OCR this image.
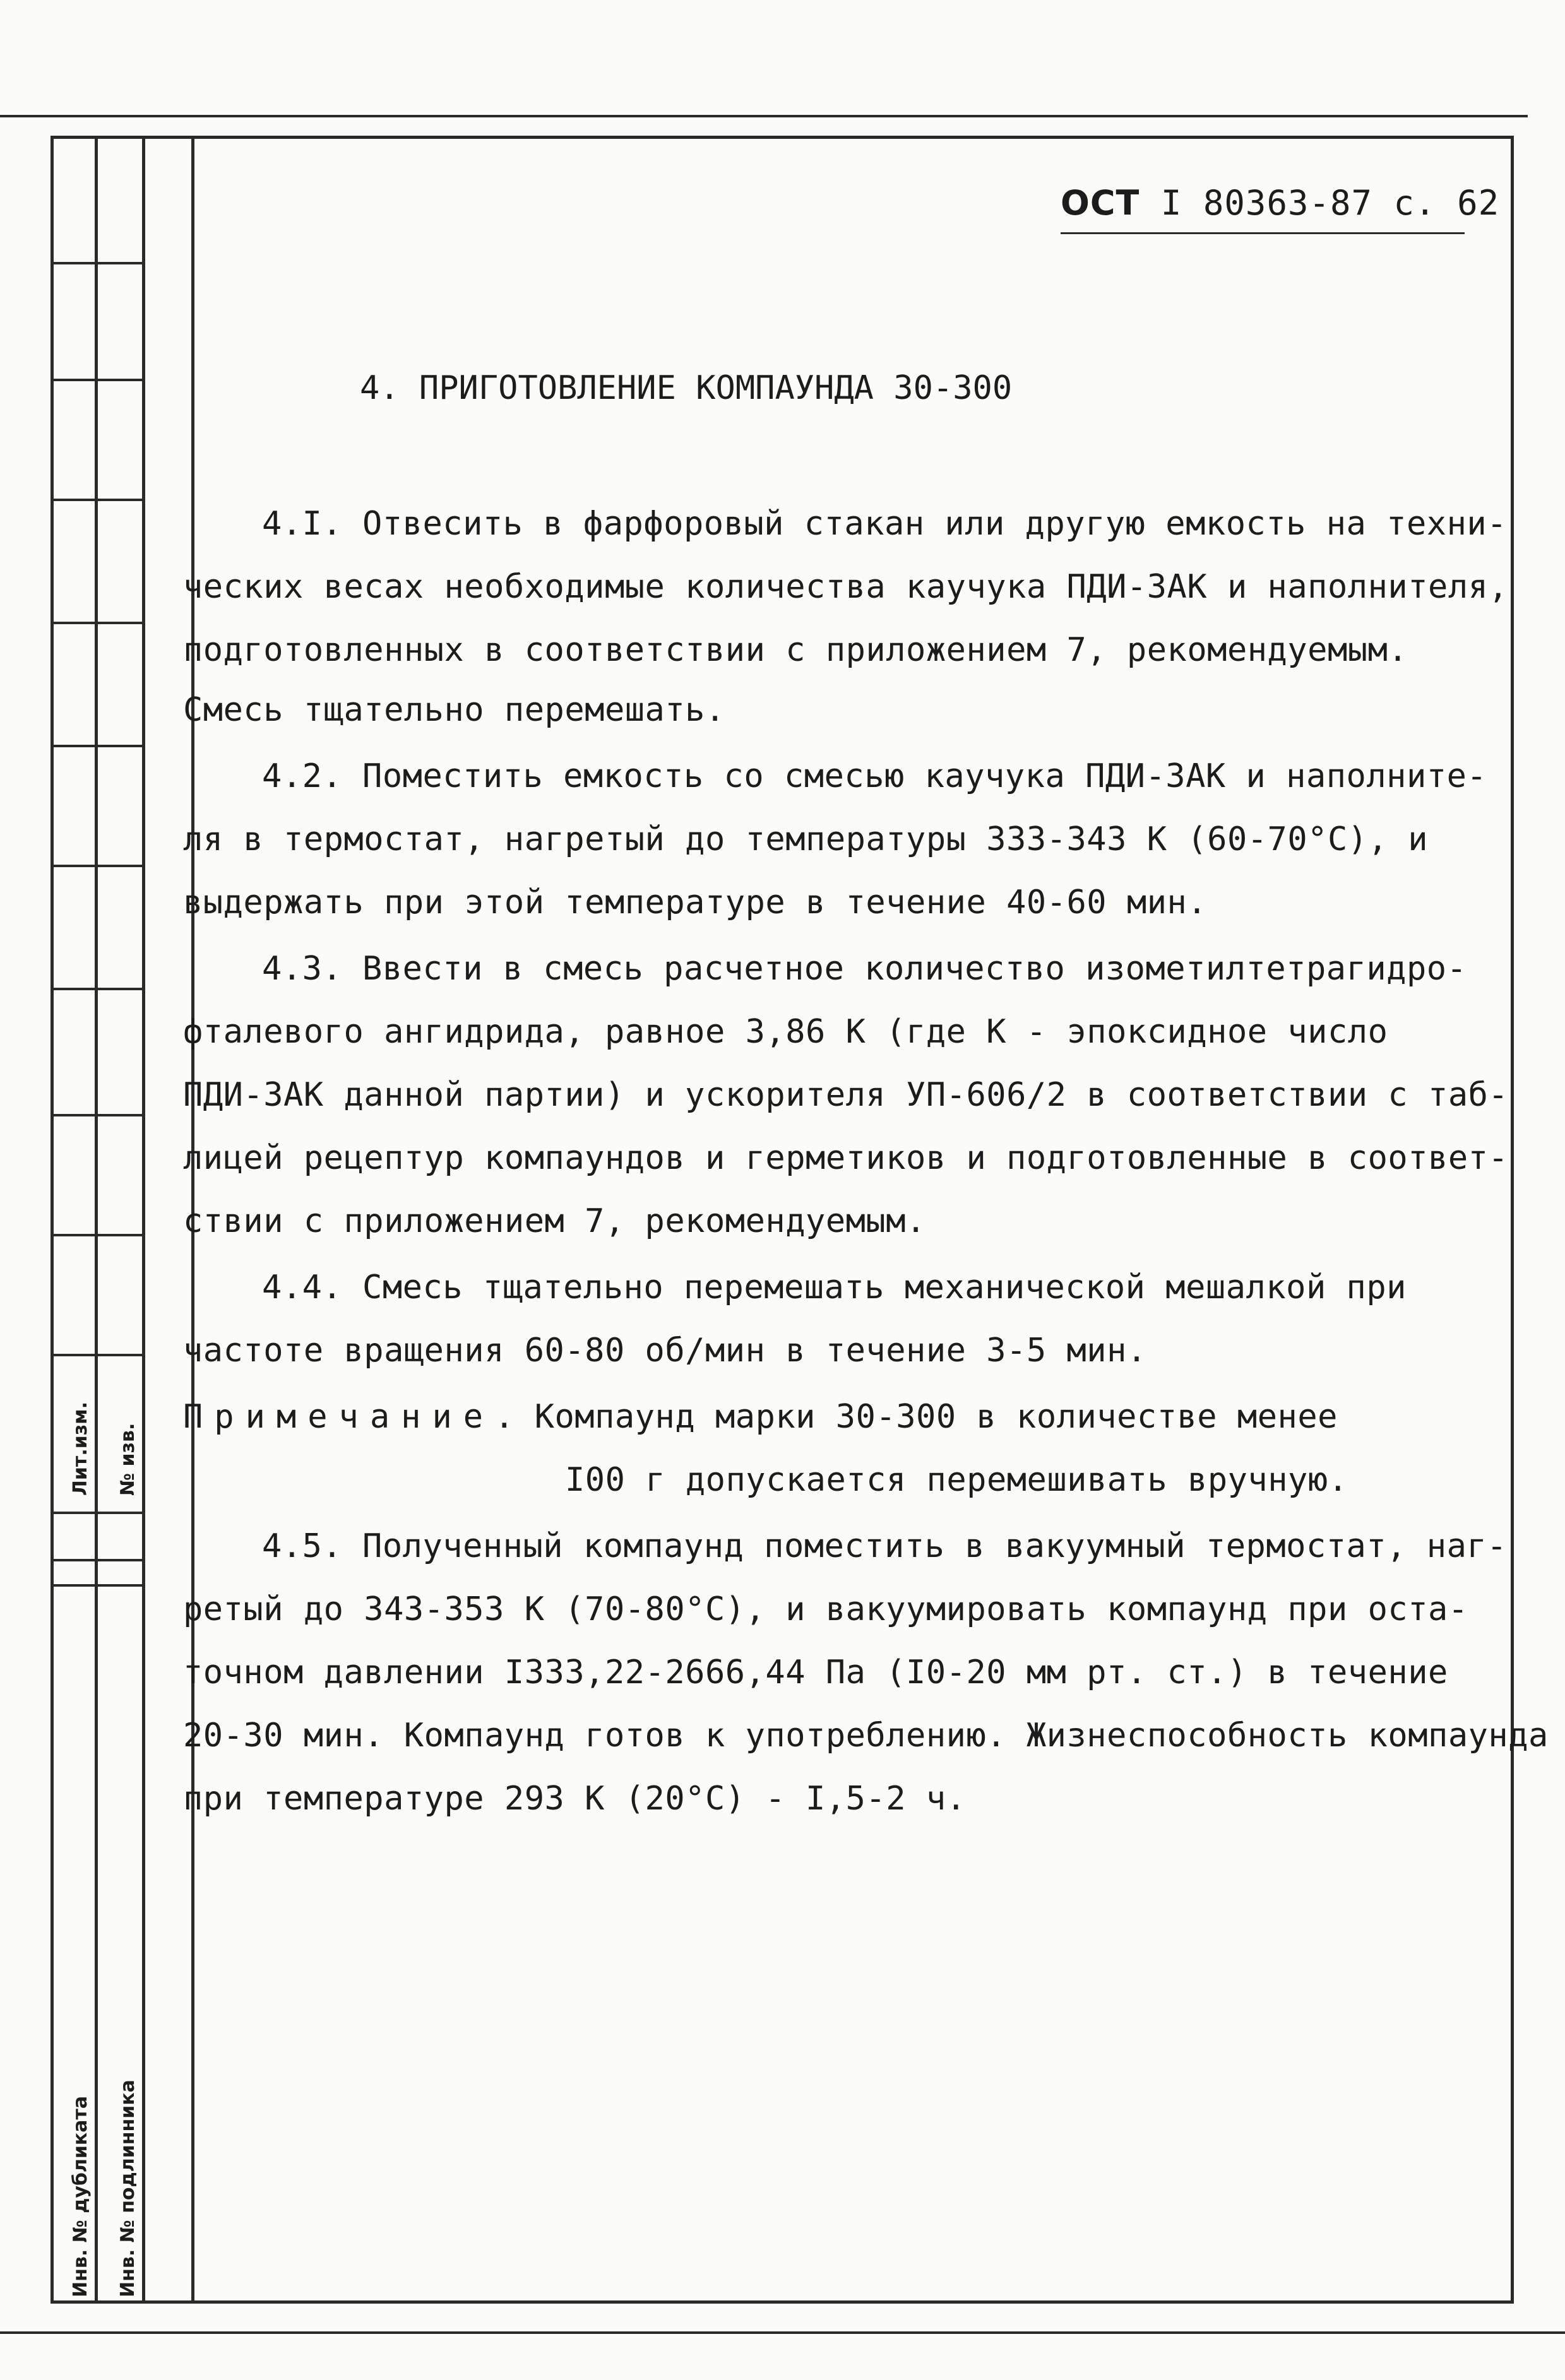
Лит.изм. № изв.
Инв. № дубликата Инв. № подлинника
ОСТ I 80363-87 с. 62
4. ПРИГОТОВЛЕНИЕ КОМПАУНДА 30-300
4.I. Отвесить в фарфоровый стакан или другую емкость на техни-
ческих весах необходимые количества каучука ПДИ-ЗАК и наполнителя,
подготовленных в соответствии с приложением 7, рекомендуемым.
Смесь тщательно перемешать.
4.2. Поместить емкость со смесью каучука ПДИ-ЗАК и наполните-
ля в термостат, нагретый до температуры 333-343 К (60-70°С), и
выдержать при этой температуре в течение 40-60 мин.
4.3. Ввести в смесь расчетное количество изометилтетрагидро-
фталевого ангидрида, равное 3,86 К (где К - эпоксидное число
ПДИ-ЗАК данной партии) и ускорителя УП-606/2 в соответствии с таб-
лицей рецептур компаундов и герметиков и подготовленные в соответ-
ствии с приложением 7, рекомендуемым.
4.4. Смесь тщательно перемешать механической мешалкой при
частоте вращения 60-80 об/мин в течение 3-5 мин.
Примечание. Компаунд марки 30-300 в количестве менее
I00 г допускается перемешивать вручную.
4.5. Полученный компаунд поместить в вакуумный термостат, наг-
ретый до 343-353 К (70-80°С), и вакуумировать компаунд при оста-
точном давлении I333,22-2666,44 Па (I0-20 мм рт. ст.) в течение
20-30 мин. Компаунд готов к употреблению. Жизнеспособность компаунда
при температуре 293 К (20°С) - I,5-2 ч.
